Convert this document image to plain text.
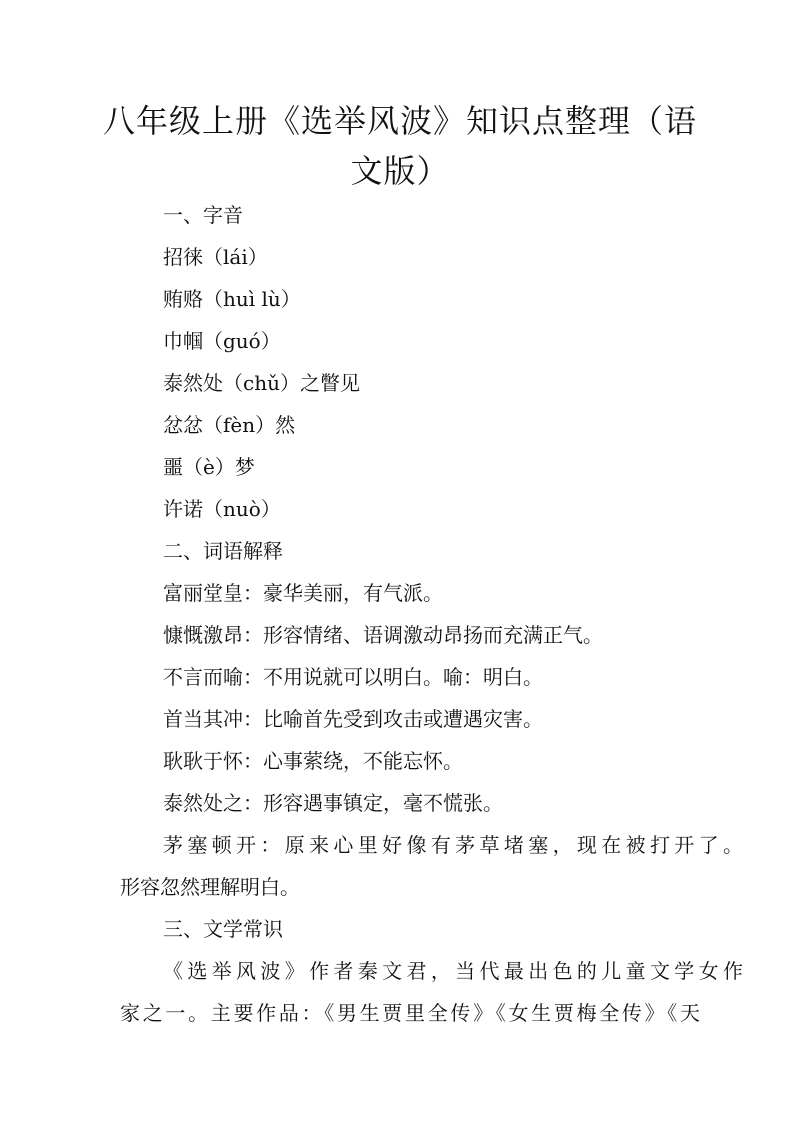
八年级上册《选举风波》知识点整理（语文版）

一、字音

招徕（lái）

贿赂（huì lù）

巾帼（guó）

泰然处（chǔ）之瞥见

忿忿（fèn）然

噩（è）梦

许诺（nuò）

二、词语解释

富丽堂皇：豪华美丽，有气派。

慷慨激昂：形容情绪、语调激动昂扬而充满正气。

不言而喻：不用说就可以明白。喻：明白。

首当其冲：比喻首先受到攻击或遭遇灾害。

耿耿于怀：心事萦绕，不能忘怀。

泰然处之：形容遇事镇定，毫不慌张。

茅塞顿开：原来心里好像有茅草堵塞，现在被打开了。

形容忽然理解明白。

三、文学常识

《选举风波》作者秦文君，当代最出色的儿童文学女作

家之一。主要作品：《男生贾里全传》《女生贾梅全传》《天
